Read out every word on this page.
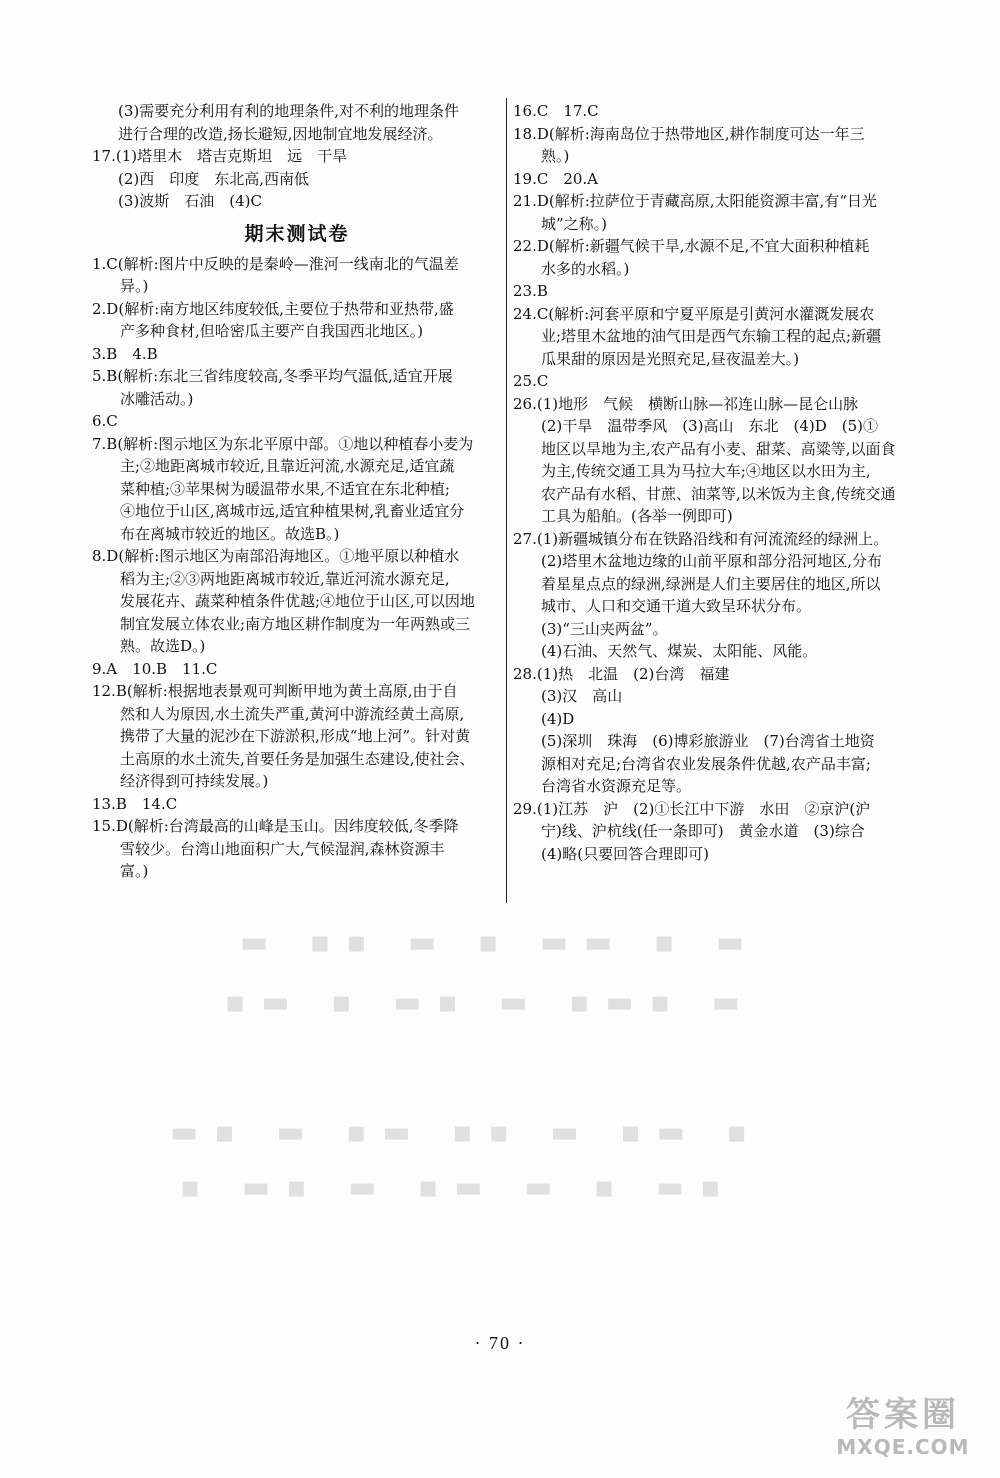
(3)需要充分利用有利的地理条件,对不利的地理条件
进行合理的改造,扬长避短,因地制宜地发展经济。
17.(1)塔里木　塔吉克斯坦　远　干旱
(2)西　印度　东北高,西南低
(3)波斯　石油　(4)C
期末测试卷
1.C(解析:图片中反映的是秦岭—淮河一线南北的气温差
异。)
2.D(解析:南方地区纬度较低,主要位于热带和亚热带,盛
产多种食材,但哈密瓜主要产自我国西北地区。)
3.B　4.B
5.B(解析:东北三省纬度较高,冬季平均气温低,适宜开展
冰雕活动。)
6.C
7.B(解析:图示地区为东北平原中部。①地以种植春小麦为
主;②地距离城市较近,且靠近河流,水源充足,适宜蔬
菜种植;③苹果树为暖温带水果,不适宜在东北种植;
④地位于山区,离城市远,适宜种植果树,乳畜业适宜分
布在离城市较近的地区。故选B。)
8.D(解析:图示地区为南部沿海地区。①地平原以种植水
稻为主;②③两地距离城市较近,靠近河流水源充足,
发展花卉、蔬菜种植条件优越;④地位于山区,可以因地
制宜发展立体农业;南方地区耕作制度为一年两熟或三
熟。故选D。)
9.A　10.B　11.C
12.B(解析:根据地表景观可判断甲地为黄土高原,由于自
然和人为原因,水土流失严重,黄河中游流经黄土高原,
携带了大量的泥沙在下游淤积,形成“地上河”。针对黄
土高原的水土流失,首要任务是加强生态建设,使社会、
经济得到可持续发展。)
13.B　14.C
15.D(解析:台湾最高的山峰是玉山。因纬度较低,冬季降
雪较少。台湾山地面积广大,气候湿润,森林资源丰
富。)
16.C　17.C
18.D(解析:海南岛位于热带地区,耕作制度可达一年三
熟。)
19.C　20.A
21.D(解析:拉萨位于青藏高原,太阳能资源丰富,有“日光
城”之称。)
22.D(解析:新疆气候干旱,水源不足,不宜大面积种植耗
水多的水稻。)
23.B
24.C(解析:河套平原和宁夏平原是引黄河水灌溉发展农
业;塔里木盆地的油气田是西气东输工程的起点;新疆
瓜果甜的原因是光照充足,昼夜温差大。)
25.C
26.(1)地形　气候　横断山脉—祁连山脉—昆仑山脉
(2)干旱　温带季风　(3)高山　东北　(4)D　(5)①
地区以旱地为主,农产品有小麦、甜菜、高粱等,以面食
为主,传统交通工具为马拉大车;④地区以水田为主,
农产品有水稻、甘蔗、油菜等,以米饭为主食,传统交通
工具为船舶。(各举一例即可)
27.(1)新疆城镇分布在铁路沿线和有河流流经的绿洲上。
(2)塔里木盆地边缘的山前平原和部分沿河地区,分布
着星星点点的绿洲,绿洲是人们主要居住的地区,所以
城市、人口和交通干道大致呈环状分布。
(3)“三山夹两盆”。
(4)石油、天然气、煤炭、太阳能、风能。
28.(1)热　北温　(2)台湾　福建
(3)汉　高山
(4)D
(5)深圳　珠海　(6)博彩旅游业　(7)台湾省土地资
源相对充足;台湾省农业发展条件优越,农产品丰富;
台湾省水资源充足等。
29.(1)江苏　沪　(2)①长江中下游　水田　②京沪(沪
宁)线、沪杭线(任一条即可)　黄金水道　(3)综合
(4)略(只要回答合理即可)
▬ ▪▪ ▬ ▪ ▬▬ ▪ ▬
▪▬ ▪ ▬▪ ▬ ▪▬▪ ▬
▬▪ ▬ ▪▬ ▪▪ ▬ ▪▬ ▪
▪ ▬▪ ▬ ▪▬ ▬ ▪ ▬▪
· 70 ·
答案圈
MXQE.COM
